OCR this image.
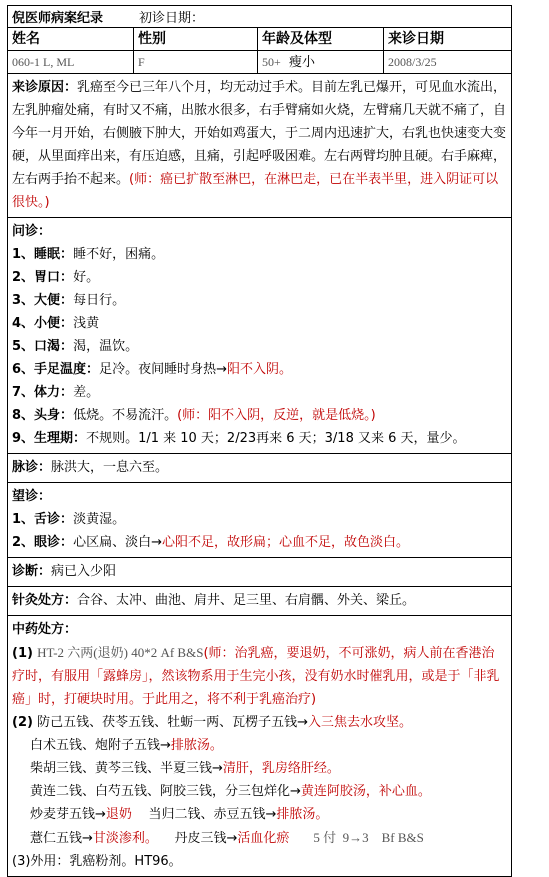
倪医师病案纪录	初诊日期：
姓名	性别	年龄及体型	来诊日期
060-1 L, ML	F	50+ 瘦小	2008/3/25
来诊原因：乳癌至今已三年八个月，均无动过手术。目前左乳已爆开，可见血水流出，左乳肿瘤处痛，有时又不痛，出脓水很多，右手臂痛如火烧，左臂痛几天就不痛了，自今年一月开始，右侧腋下肿大，开始如鸡蛋大，于二周内迅速扩大，右乳也快速变大变硬，从里面痒出来，有压迫感，且痛，引起呼吸困难。左右两臂均肿且硬。右手麻痺，左右两手抬不起来。(师：癌已扩散至淋巴，在淋巴走，已在半表半里，进入阴证可以很快。)
问诊：
1、睡眠：睡不好，困痛。
2、胃口：好。
3、大便：每日行。
4、小便：浅黄
5、口渴：渴，温饮。
6、手足温度：足冷。夜间睡时身热→阳不入阴。
7、体力：差。
8、头身：低烧。不易流汗。(师：阳不入阴，反逆，就是低烧。)
9、生理期：不规则。1/1 来 10 天；2/23再来 6 天；3/18 又来 6 天，量少。
脉诊：脉洪大，一息六至。
望诊：
1、舌诊：淡黄湿。
2、眼诊：心区扁、淡白→心阳不足，故形扁；心血不足，故色淡白。
诊断：病已入少阳
针灸处方：合谷、太冲、曲池、肩井、足三里、右肩髃、外关、梁丘。
中药处方：
(1) HT-2 六两(退奶) 40*2 Af B&S(师：治乳癌，要退奶，不可涨奶，病人前在香港治疗时，有服用「露蜂房」，然该物系用于生完小孩，没有奶水时催乳用，或是于「非乳癌」时，打硬块时用。于此用之，将不利于乳癌治疗)
(2) 防己五钱、茯苓五钱、牡蛎一两、瓦楞子五钱→入三焦去水攻坚。
白术五钱、炮附子五钱→排脓汤。
柴胡三钱、黄芩三钱、半夏三钱→清肝，乳房络肝经。
黄连二钱、白芍五钱、阿胶三钱，分三包烊化→黄连阿胶汤，补心血。
炒麦芽五钱→退奶    当归二钱、赤豆五钱→排脓汤。
薏仁五钱→甘淡渗利。    丹皮三钱→活血化瘀 5 付  9→3    Bf B&S
(3)外用：乳癌粉剂。HT96。
